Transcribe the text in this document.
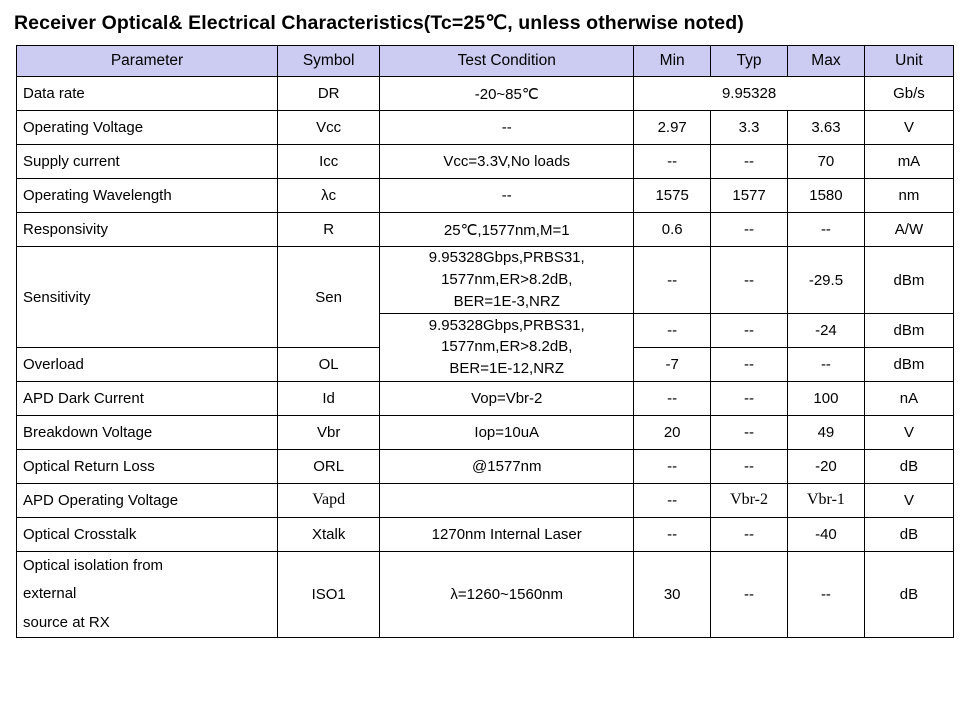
Receiver Optical& Electrical Characteristics(Tc=25℃, unless otherwise noted)
Parameter	Symbol	Test Condition	Min	Typ	Max	Unit
Data rate	DR	-20~85℃	9.95328			Gb/s
Operating Voltage	Vcc	--	2.97	3.3	3.63	V
Supply current	Icc	Vcc=3.3V,No loads	--	--	70	mA
Operating Wavelength	λc	--	1575	1577	1580	nm
Responsivity	R	25℃,1577nm,M=1	0.6	--	--	A/W
Sensitivity	Sen	9.95328Gbps,PRBS31,
1577nm,ER>8.2dB,
BER=1E-3,NRZ	--	--	-29.5	dBm

		9.95328Gbps,PRBS31,
1577nm,ER>8.2dB,
BER=1E-12,NRZ	--	--	-24	dBm
Overload	OL		-7	--	--	dBm
APD Dark Current	Id	Vop=Vbr-2	--	--	100	nA
Breakdown Voltage	Vbr	Iop=10uA	20	--	49	V
Optical Return Loss	ORL	@1577nm	--	--	-20	dB
APD Operating Voltage	Vapd		--	Vbr-2	Vbr-1	V
Optical Crosstalk	Xtalk	1270nm Internal Laser	--	--	-40	dB

Optical isolation from
external
source at RX	ISO1	λ=1260~1560nm	30	--	--	dB
